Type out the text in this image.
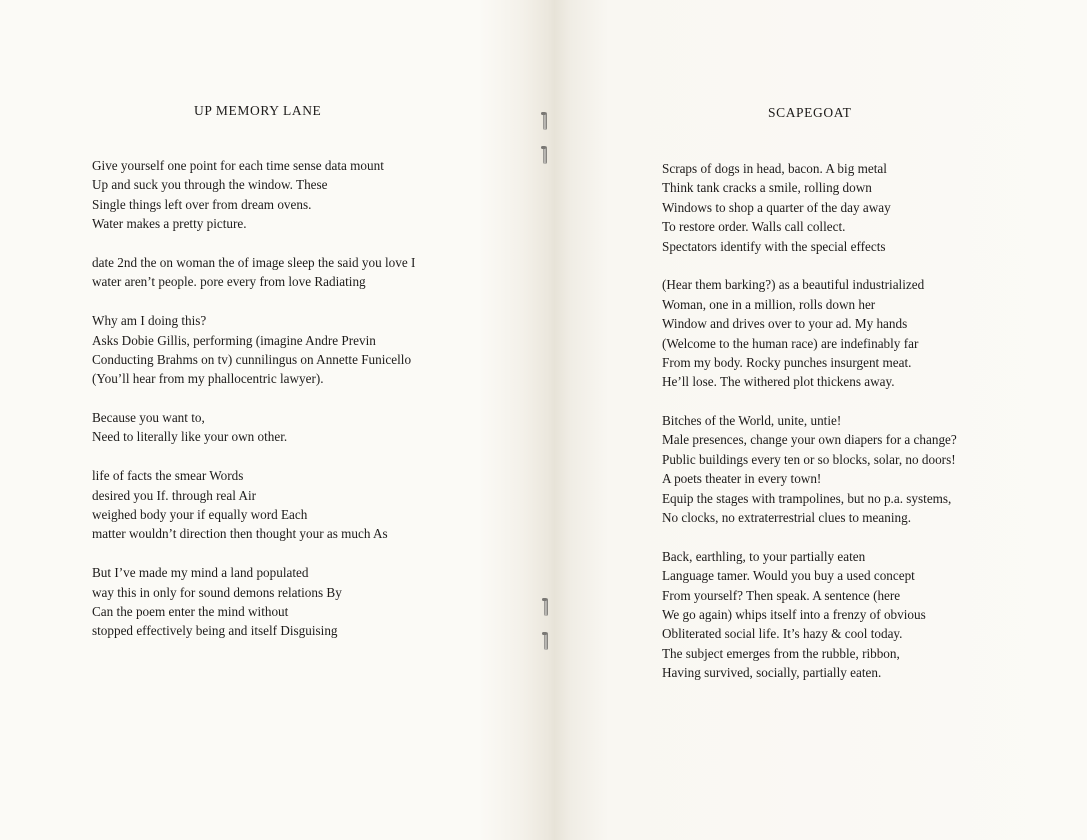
UP MEMORY LANE
Give yourself one point for each time sense data mount
Up and suck you through the window. These
Single things left over from dream ovens.
Water makes a pretty picture.
date 2nd the on woman the of image sleep the said you love I
water aren’t people. pore every from love Radiating
Why am I doing this?
Asks Dobie Gillis, performing (imagine Andre Previn
Conducting Brahms on tv) cunnilingus on Annette Funicello
(You’ll hear from my phallocentric lawyer).
Because you want to,
Need to literally like your own other.
life of facts the smear Words
desired you If. through real Air
weighed body your if equally word Each
matter wouldn’t direction then thought your as much As
But I’ve made my mind a land populated
way this in only for sound demons relations By
Can the poem enter the mind without
stopped effectively being and itself Disguising
SCAPEGOAT
Scraps of dogs in head, bacon. A big metal
Think tank cracks a smile, rolling down
Windows to shop a quarter of the day away
To restore order. Walls call collect.
Spectators identify with the special effects
(Hear them barking?) as a beautiful industrialized
Woman, one in a million, rolls down her
Window and drives over to your ad. My hands
(Welcome to the human race) are indefinably far
From my body. Rocky punches insurgent meat.
He’ll lose. The withered plot thickens away.
Bitches of the World, unite, untie!
Male presences, change your own diapers for a change?
Public buildings every ten or so blocks, solar, no doors!
A poets theater in every town!
Equip the stages with trampolines, but no p.a. systems,
No clocks, no extraterrestrial clues to meaning.
Back, earthling, to your partially eaten
Language tamer. Would you buy a used concept
From yourself? Then speak. A sentence (here
We go again) whips itself into a frenzy of obvious
Obliterated social life. It’s hazy & cool today.
The subject emerges from the rubble, ribbon,
Having survived, socially, partially eaten.
